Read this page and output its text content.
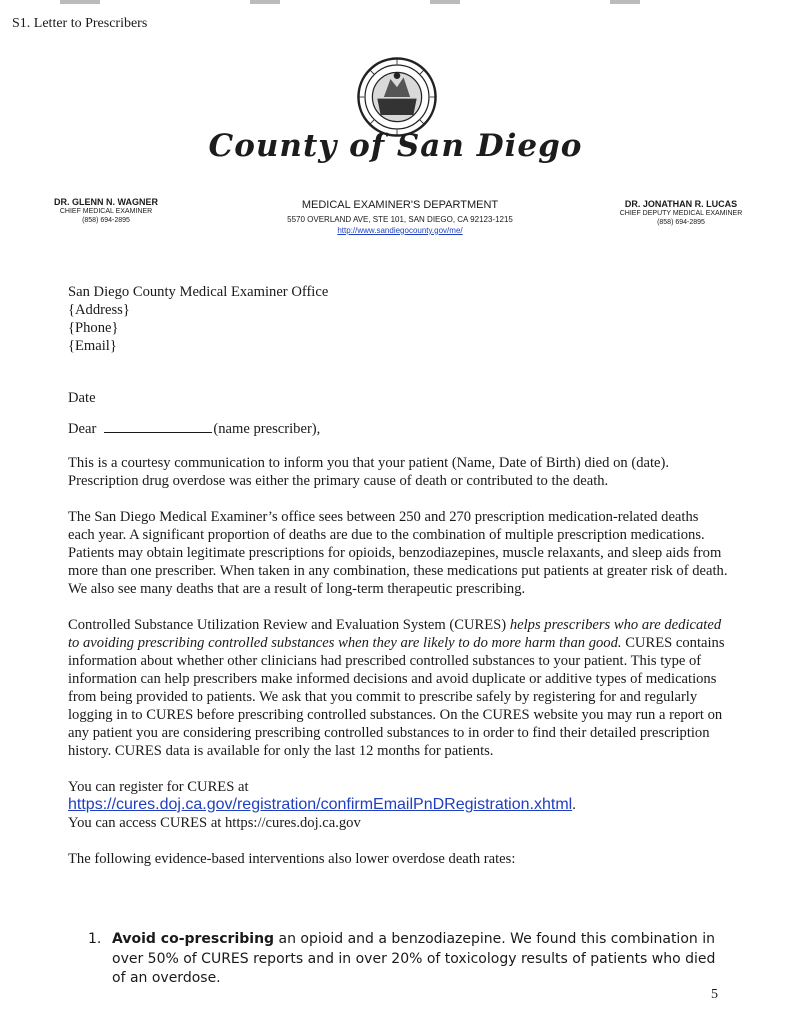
S1. Letter to Prescribers
County of San Diego
DR. GLENN N. WAGNER
CHIEF MEDICAL EXAMINER
(858) 694-2895
MEDICAL EXAMINER'S DEPARTMENT
5570 OVERLAND AVE, STE 101, SAN DIEGO, CA 92123-1215
http://www.sandiegocounty.gov/me/
DR. JONATHAN R. LUCAS
CHIEF DEPUTY MEDICAL EXAMINER
(858) 694-2895

San Diego County Medical Examiner Office

{Address}

{Phone}

{Email}

Date

Dear	(name prescriber),

This is a courtesy communication to inform you that your patient (Name, Date of Birth) died on (date). Prescription drug overdose was either the primary cause of death or contributed to the death.

The San Diego Medical Examiner’s office sees between 250 and 270 prescription medication-related deaths each year. A significant proportion of deaths are due to the combination of multiple prescription medications. Patients may obtain legitimate prescriptions for opioids, benzodiazepines, muscle relaxants, and sleep aids from more than one prescriber. When taken in any combination, these medications put patients at greater risk of death. We also see many deaths that are a result of long-term therapeutic prescribing.

Controlled Substance Utilization Review and Evaluation System (CURES) helps prescribers who are dedicated to avoiding prescribing controlled substances when they are likely to do more harm than good. CURES contains information about whether other clinicians had prescribed controlled substances to your patient. This type of information can help prescribers make informed decisions and avoid duplicate or additive types of medications from being provided to patients. We ask that you commit to prescribe safely by registering for and regularly logging in to CURES before prescribing controlled substances. On the CURES website you may run a report on any patient you are considering prescribing controlled substances to in order to find their detailed prescription history. CURES data is available for only the last 12 months for patients.

You can register for CURES at

https://cures.doj.ca.gov/registration/confirmEmailPnDRegistration.xhtml.

You can access CURES at https://cures.doj.ca.gov

The following evidence-based interventions also lower overdose death rates:

1. Avoid co-prescribing an opioid and a benzodiazepine. We found this combination in over 50% of CURES reports and in over 20% of toxicology results of patients who died of an overdose.
5
